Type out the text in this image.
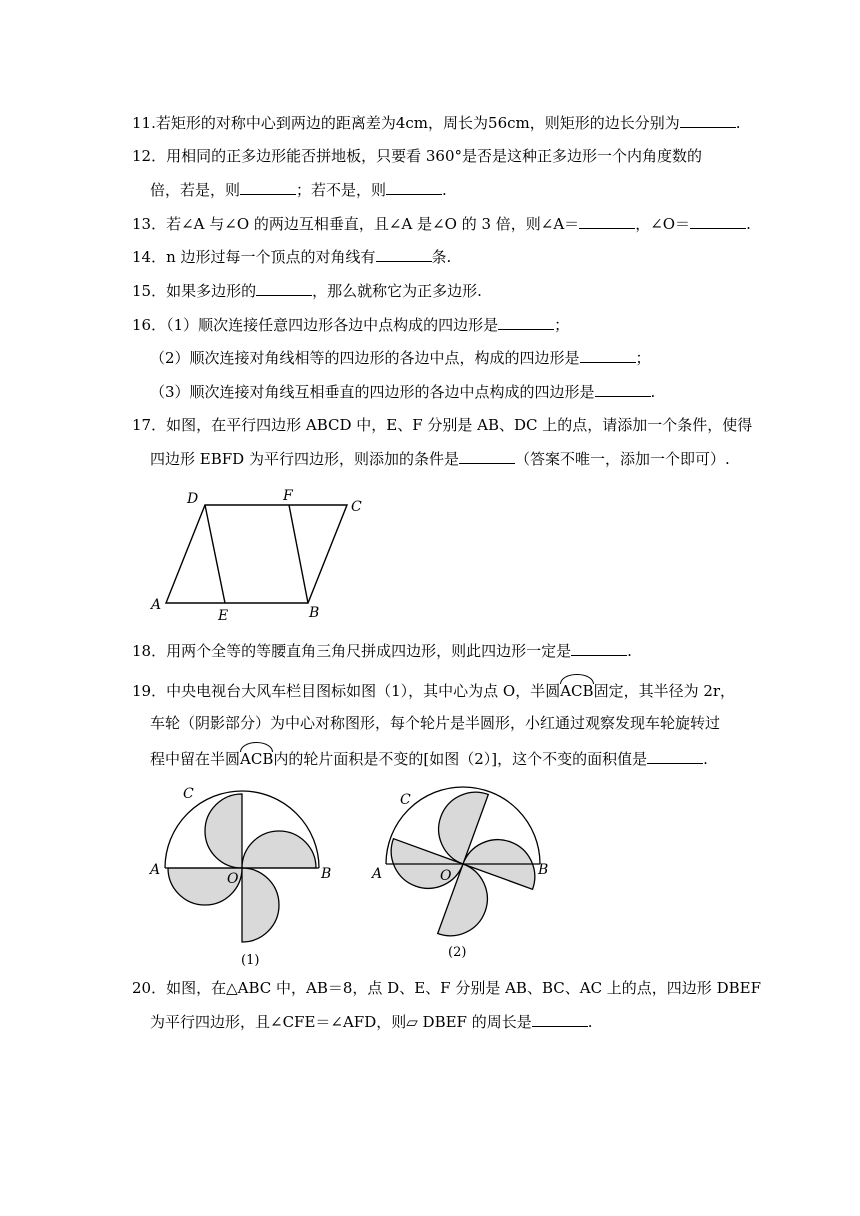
11.若矩形的对称中心到两边的距离差为4cm，周长为56cm，则矩形的边长分别为	.
12．用相同的正多边形能否拼地板，只要看 360°是否是这种正多边形一个内角度数的
倍，若是，则	；若不是，则	.
13．若∠A 与∠O 的两边互相垂直，且∠A 是∠O 的 3 倍，则∠A＝	，∠O＝	.
14．n 边形过每一个顶点的对角线有	条.
15．如果多边形的	，那么就称它为正多边形.
16．（1）顺次连接任意四边形各边中点构成的四边形是	；
（2）顺次连接对角线相等的四边形的各边中点，构成的四边形是	；
（3）顺次连接对角线互相垂直的四边形的各边中点构成的四边形是	.
17．如图，在平行四边形 ABCD 中，E、F 分别是 AB、DC 上的点，请添加一个条件，使得
四边形 EBFD 为平行四边形，则添加的条件是	（答案不唯一，添加一个即可）.
A
E	B
D	F
C
18．用两个全等的等腰直角三角尺拼成四边形，则此四边形一定是	.
19．中央电视台大风车栏目图标如图（1），其中心为点 O，半圆ACB固定，其半径为 2r，
车轮（阴影部分）为中心对称图形，每个轮片是半圆形，小红通过观察发现车轮旋转过
程中留在半圆ACB内的轮片面积是不变的[如图（2）]，这个不变的面积值是	.
A	B
C
O
(1)
A	B
C
O
(2)
20．如图，在△ABC 中，AB＝8，点 D、E、F 分别是 AB、BC、AC 上的点，四边形 DBEF
为平行四边形，且∠CFE＝∠AFD，则▱ DBEF 的周长是	.
